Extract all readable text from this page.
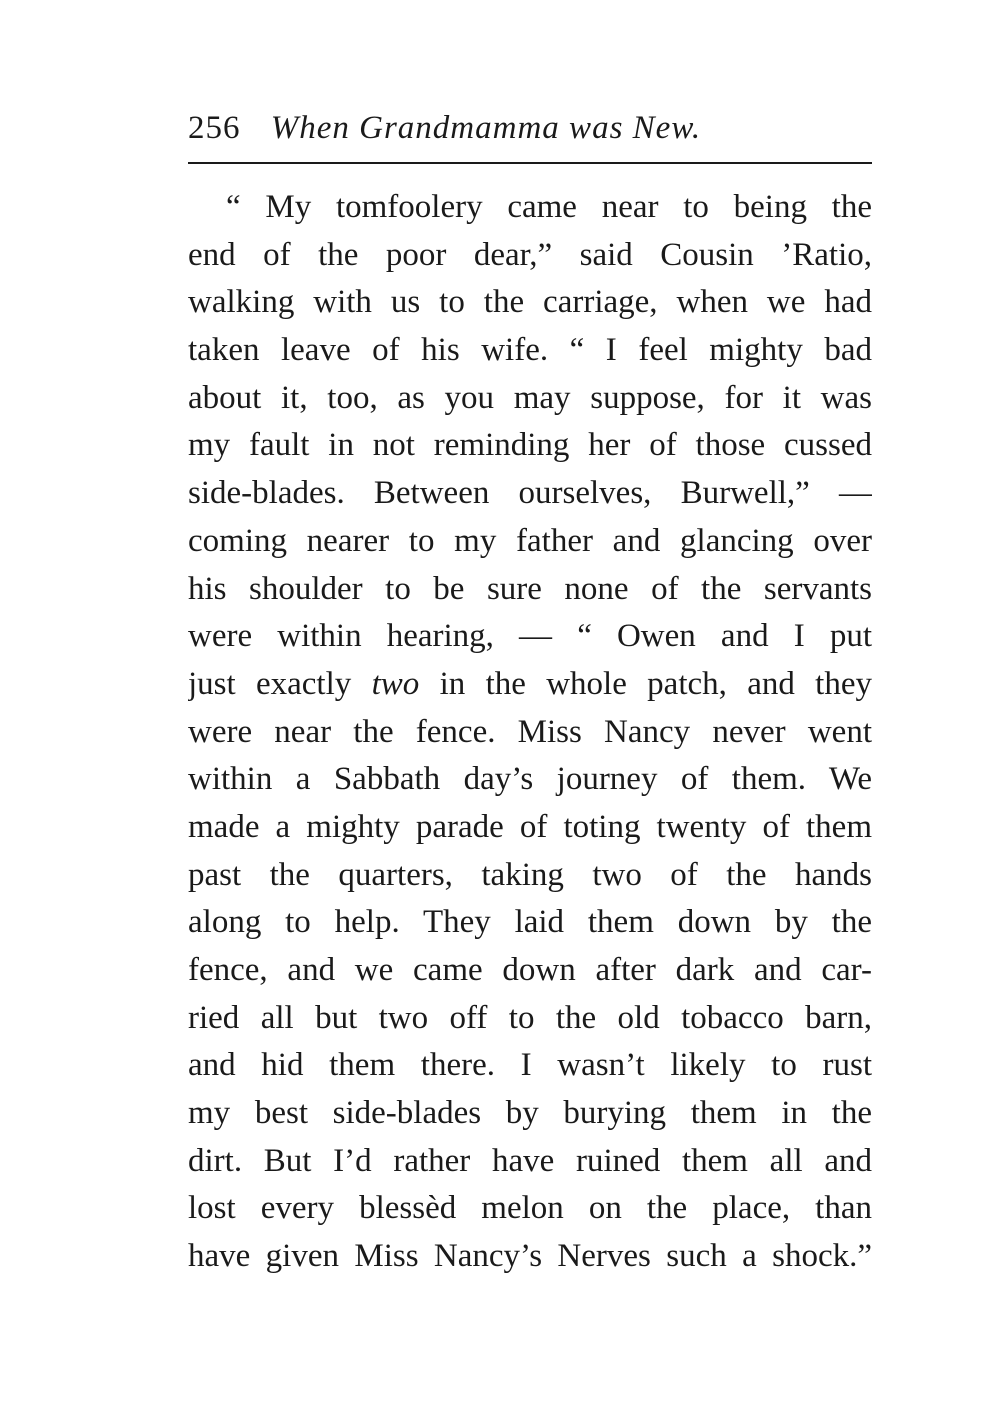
256 When Grandmamma was New.
“ My tomfoolery came near to being the
end of the poor dear,” said Cousin ’Ratio,
walking with us to the carriage, when we had
taken leave of his wife. “ I feel mighty bad
about it, too, as you may suppose, for it was
my fault in not reminding her of those cussed
side-blades. Between ourselves, Burwell,” —
coming nearer to my father and glancing over
his shoulder to be sure none of the servants
were within hearing, — “ Owen and I put
just exactly two in the whole patch, and they
were near the fence. Miss Nancy never went
within a Sabbath day’s journey of them. We
made a mighty parade of toting twenty of them
past the quarters, taking two of the hands
along to help. They laid them down by the
fence, and we came down after dark and car-
ried all but two off to the old tobacco barn,
and hid them there. I wasn’t likely to rust
my best side-blades by burying them in the
dirt. But I’d rather have ruined them all and
lost every blessèd melon on the place, than
have given Miss Nancy’s Nerves such a shock.”
